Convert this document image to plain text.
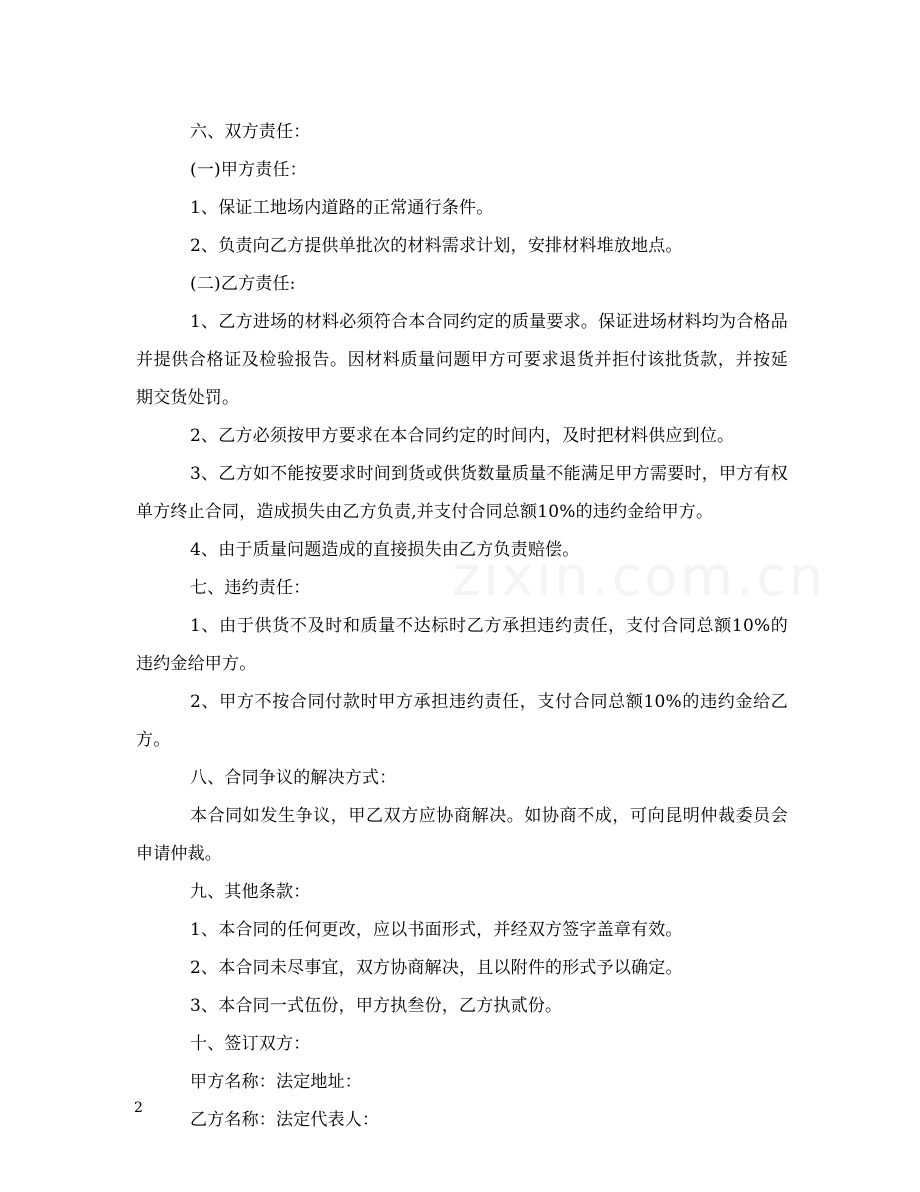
zixin.com.cn

六、双方责任：

(一)甲方责任：

1、保证工地场内道路的正常通行条件。

2、负责向乙方提供单批次的材料需求计划，安排材料堆放地点。

(二)乙方责任:

1、乙方进场的材料必须符合本合同约定的质量要求。保证进场材料均为合格品并提供合格证及检验报告。因材料质量问题甲方可要求退货并拒付该批货款，并按延期交货处罚。

2、乙方必须按甲方要求在本合同约定的时间内，及时把材料供应到位。

3、乙方如不能按要求时间到货或供货数量质量不能满足甲方需要时，甲方有权单方终止合同，造成损失由乙方负责,并支付合同总额10%的违约金给甲方。

4、由于质量问题造成的直接损失由乙方负责赔偿。

七、违约责任：

1、由于供货不及时和质量不达标时乙方承担违约责任，支付合同总额10%的违约金给甲方。

2、甲方不按合同付款时甲方承担违约责任，支付合同总额10%的违约金给乙方。

八、合同争议的解决方式：

本合同如发生争议，甲乙双方应协商解决。如协商不成，可向昆明仲裁委员会申请仲裁。

九、其他条款：

1、本合同的任何更改，应以书面形式，并经双方签字盖章有效。

2、本合同未尽事宜，双方协商解决，且以附件的形式予以确定。

3、本合同一式伍份，甲方执叁份，乙方执贰份。

十、签订双方：

甲方名称：法定地址：

乙方名称：法定代表人：

2
